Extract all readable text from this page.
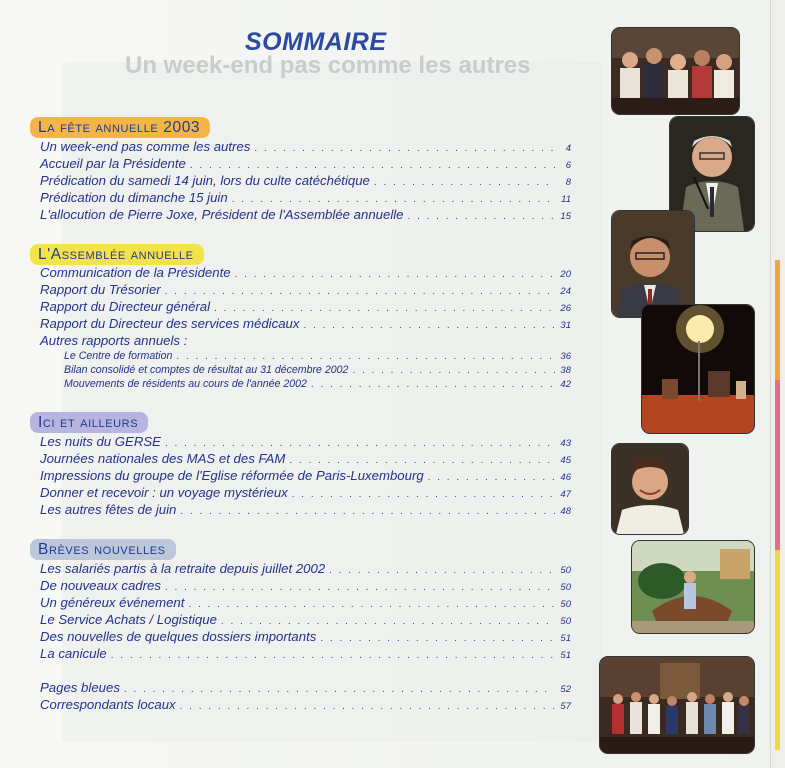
Un week-end pas comme les autres
SOMMAIRE
La fête annuelle 2003
Un week-end pas comme les autres . . .	4
Accueil par la Présidente . . .	6
Prédication du samedi 14 juin, lors du culte catéchétique . . .	8
Prédication du dimanche 15 juin . . .	11
L'allocution de Pierre Joxe, Président de l'Assemblée annuelle . . .	15
L'Assemblée annuelle
Communication de la Présidente . . .	20
Rapport du Trésorier . . .	24
Rapport du Directeur général . . .	26
Rapport du Directeur des services médicaux . . .	31
Autres rapports annuels :
Le Centre de formation . . .	36
Bilan consolidé et comptes de résultat au 31 décembre 2002 . . .	38
Mouvements de résidents au cours de l'année 2002 . . .	42
Ici et ailleurs
Les nuits du GERSE . . .	43
Journées nationales des MAS et des FAM . . .	45
Impressions du groupe de l'Eglise réformée de Paris-Luxembourg . . .	46
Donner et recevoir : un voyage mystérieux . . .	47
Les autres fêtes de juin . . .	48
Brèves nouvelles
Les salariés partis à la retraite depuis juillet 2002 . . .	50
De nouveaux cadres . . .	50
Un généreux événement . . .	50
Le Service Achats / Logistique . . .	50
Des nouvelles de quelques dossiers importants . . .	51
La canicule . . .	51
Pages bleues . . .	52
Correspondants locaux . . .	57
